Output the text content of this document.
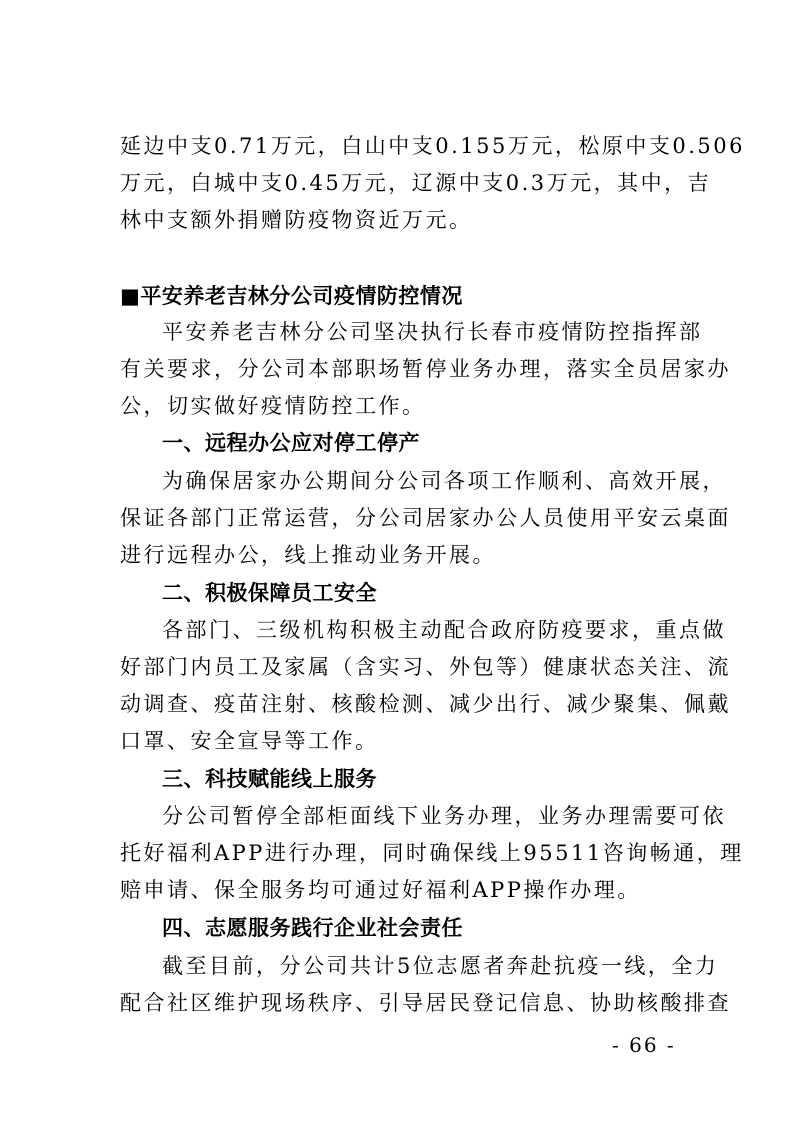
延边中支0.71万元，白山中支0.155万元，松原中支0.506
万元，白城中支0.45万元，辽源中支0.3万元，其中，吉
林中支额外捐赠防疫物资近万元。
■平安养老吉林分公司疫情防控情况
平安养老吉林分公司坚决执行长春市疫情防控指挥部
有关要求，分公司本部职场暂停业务办理，落实全员居家办
公，切实做好疫情防控工作。
一、远程办公应对停工停产
为确保居家办公期间分公司各项工作顺利、高效开展，
保证各部门正常运营，分公司居家办公人员使用平安云桌面
进行远程办公，线上推动业务开展。
二、积极保障员工安全
各部门、三级机构积极主动配合政府防疫要求，重点做
好部门内员工及家属（含实习、外包等）健康状态关注、流
动调查、疫苗注射、核酸检测、减少出行、减少聚集、佩戴
口罩、安全宣导等工作。
三、科技赋能线上服务
分公司暂停全部柜面线下业务办理，业务办理需要可依
托好福利APP进行办理，同时确保线上95511咨询畅通，理
赔申请、保全服务均可通过好福利APP操作办理。
四、志愿服务践行企业社会责任
截至目前，分公司共计5位志愿者奔赴抗疫一线，全力
配合社区维护现场秩序、引导居民登记信息、协助核酸排查
- 66 -
